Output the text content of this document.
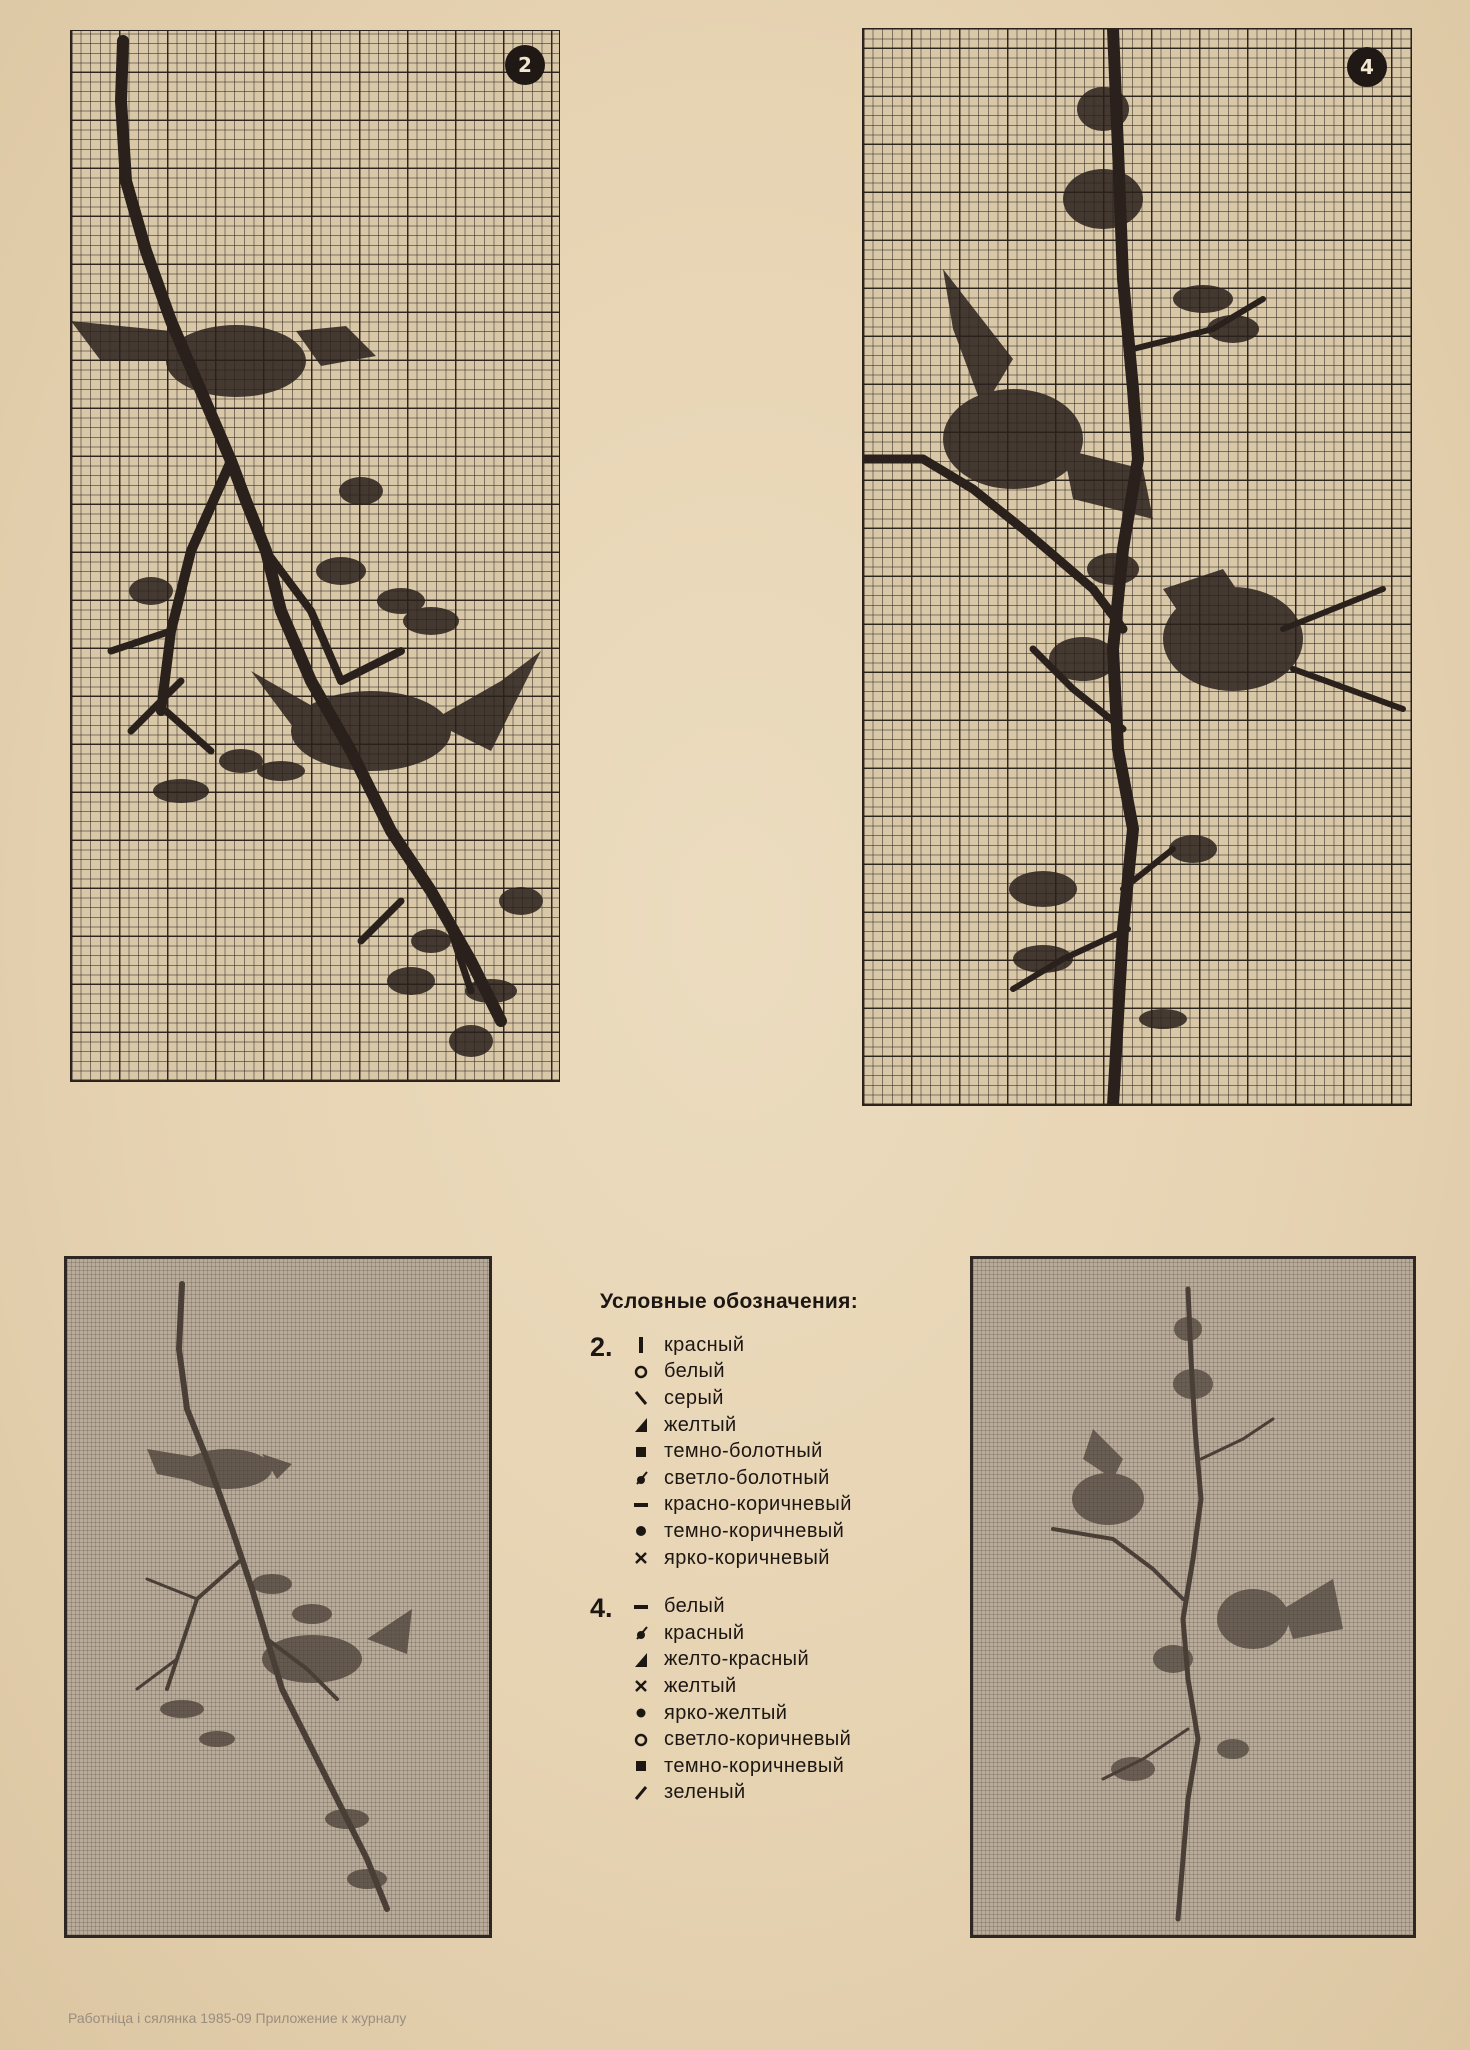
2	4
Условные обозначения:
2.	красный
белый
серый
желтый
темно-болотный
светло-болотный
красно-коричневый
темно-коричневый
ярко-коричневый
4.	белый
красный
желто-красный
желтый
ярко-желтый
светло-коричневый
темно-коричневый
зеленый
Работніца і сялянка 1985-09 Приложение к журналу
